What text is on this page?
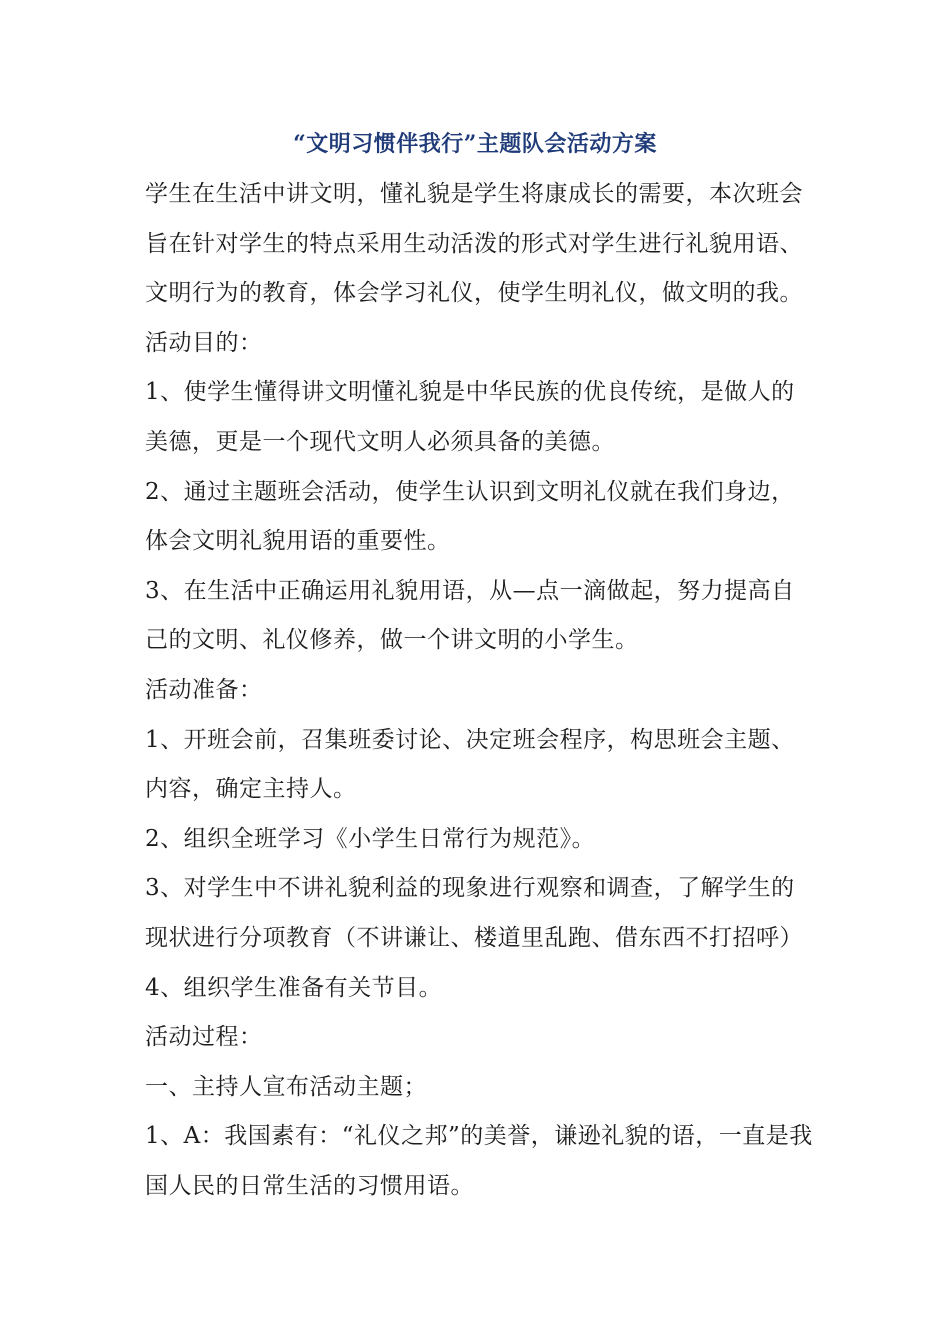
“文明习惯伴我行”主题队会活动方案
学生在生活中讲文明，懂礼貌是学生将康成长的需要，本次班会
旨在针对学生的特点采用生动活泼的形式对学生进行礼貌用语、
文明行为的教育，体会学习礼仪，使学生明礼仪，做文明的我。
活动目的：
1、使学生懂得讲文明懂礼貌是中华民族的优良传统，是做人的
美德，更是一个现代文明人必须具备的美德。
2、通过主题班会活动，使学生认识到文明礼仪就在我们身边，
体会文明礼貌用语的重要性。
3、在生活中正确运用礼貌用语，从—点一滴做起，努力提高自
己的文明、礼仪修养，做一个讲文明的小学生。
活动准备：
1、开班会前，召集班委讨论、决定班会程序，构思班会主题、
内容，确定主持人。
2、组织全班学习《小学生日常行为规范》。
3、对学生中不讲礼貌利益的现象进行观察和调查，了解学生的
现状进行分项教育（不讲谦让、楼道里乱跑、借东西不打招呼）
4、组织学生准备有关节目。
活动过程：
一、主持人宣布活动主题；
1、A：我国素有：“礼仪之邦”的美誉，谦逊礼貌的语，一直是我
国人民的日常生活的习惯用语。
